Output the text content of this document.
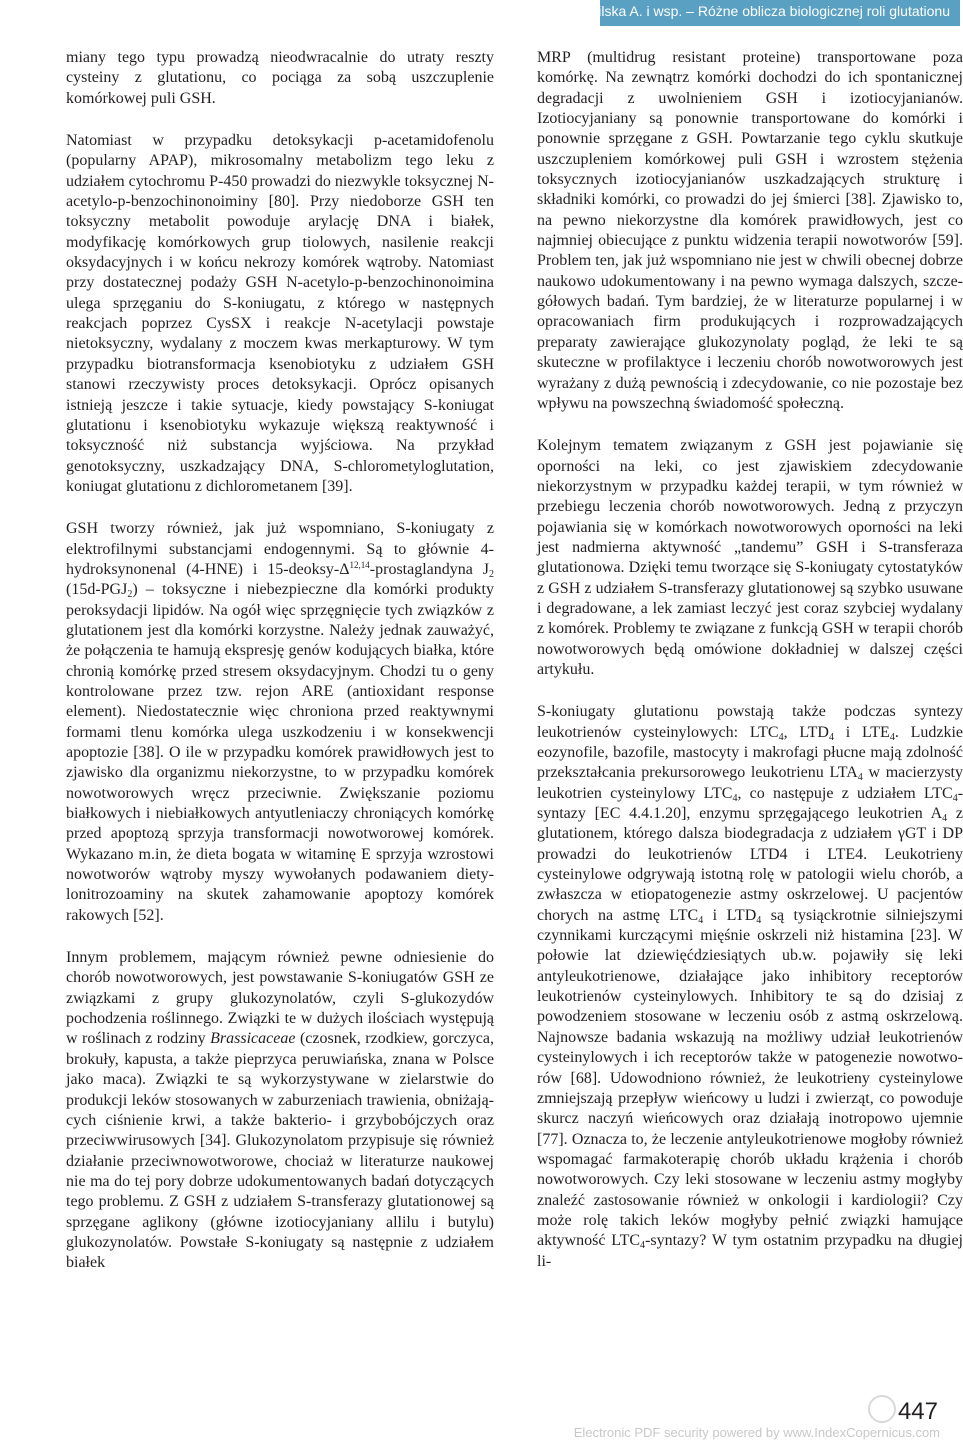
Bilska A. i wsp. – Różne oblicza biologicznej roli glutationu

miany tego typu prowadzą nieodwracalnie do utraty reszty cysteiny z glutationu, co pociąga za sobą uszczuplenie komórkowej puli GSH.

Natomiast w przypadku detoksykacji p-acetamidofenolu (popularny APAP), mikrosomalny metabolizm tego leku z udziałem cytochromu P-450 prowadzi do niezwykle toksycznej N-acetylo-p-benzochinonoiminy [80]. Przy niedoborze GSH ten toksyczny metabolit powoduje arylację DNA i białek, modyfikację komórkowych grup tiolowych, nasilenie reakcji oksydacyjnych i w końcu nekrozy komórek wątroby. Natomiast przy dostatecznej podaży GSH N-acetylo-p-benzochinonoimina ulega sprzęganiu do S-koniugatu, z którego w następnych reakcjach poprzez CysSX i reakcje N-acetylacji powstaje nietoksyczny, wydalany z moczem kwas merkapturowy. W tym przypadku biotransformacja ksenobiotyku z udziałem GSH stanowi rzeczywisty proces detoksykacji. Oprócz opisanych istnieją jeszcze i takie sytuacje, kiedy powstający S-koniugat glutationu i ksenobiotyku wykazuje większą reaktywność i toksyczność niż substancja wyjściowa. Na przykład genotoksyczny, uszkadzający DNA, S-chlorometyloglutation, koniugat glutationu z dichlorometanem [39].

GSH tworzy również, jak już wspomniano, S-koniugaty z elektrofilnymi substancjami endogennymi. Są to głównie 4-hydroksynonenal (4-HNE) i $15-deoksy-\Delta^{12,14}$-prostaglandyna $J_2$ $(15d-PGJ_2)$ – toksyczne i niebezpieczne dla komórki produkty peroksydacji lipidów. Na ogół więc sprzęgnięcie tych związków z glutationem jest dla komórki korzystne. Należy jednak zauważyć, że połączenia te hamują ekspresję genów kodujących białka, które chronią komórkę przed stresem oksydacyjnym. Chodzi tu o geny kontrolowane przez tzw. rejon ARE (antioxidant response element). Niedostatecznie więc chroniona przed reaktywnymi formami tlenu komórka ulega uszkodzeniu i w konsekwencji apoptozie [38]. O ile w przypadku komórek prawidłowych jest to zjawisko dla organizmu niekorzystne, to w przypadku komórek nowotworowych wręcz przeciwnie. Zwiększanie poziomu białkowych i niebiałkowych antyutleniaczy chroniących komórkę przed apoptozą sprzyja transformacji nowotworowej komórek. Wykazano m.in, że dieta bogata w witaminę E sprzyja wzrostowi nowotworów wątroby myszy wywołanych podawaniem dietylonitrozoaminy na skutek zahamowanie apoptozy komórek rakowych [52].

Innym problemem, mającym również pewne odniesienie do chorób nowotworowych, jest powstawanie S-koniugatów GSH ze związkami z grupy glukozynolatów, czyli S-glukozydów pochodzenia roślinnego. Związki te w dużych ilościach występują w roślinach z rodziny Brassicaceae (czosnek, rzodkiew, gorczyca, brokuły, kapusta, a także pieprzyca peruwiańska, znana w Polsce jako maca). Związki te są wykorzystywane w zielarstwie do produkcji leków stosowanych w zaburzeniach trawienia, obniżających ciśnienie krwi, a także bakterio- i grzybobójczych oraz przeciwwirusowych [34]. Glukozynolatom przypisuje się również działanie przeciwnowotworowe, chociaż w literaturze naukowej nie ma do tej pory dobrze udokumentowanych badań dotyczących tego problemu. Z GSH z udziałem S-transferazy glutationowej są sprzęgane aglikony (główne izotiocyjaniany allilu i butylu) glukozynolatów. Powstałe S-koniugaty są następnie z udziałem białek

MRP (multidrug resistant proteine) transportowane poza komórkę. Na zewnątrz komórki dochodzi do ich spontanicznej degradacji z uwolnieniem GSH i izotiocyjanianów. Izotiocyjaniany są ponownie transportowane do komórki i ponownie sprzęgane z GSH. Powtarzanie tego cyklu skutkuje uszczupleniem komórkowej puli GSH i wzrostem stężenia toksycznych izotiocyjanianów uszkadzających strukturę i składniki komórki, co prowadzi do jej śmierci [38]. Zjawisko to, na pewno niekorzystne dla komórek prawidłowych, jest co najmniej obiecujące z punktu widzenia terapii nowotworów [59]. Problem ten, jak już wspomniano nie jest w chwili obecnej dobrze naukowo udokumentowany i na pewno wymaga dalszych, szczegółowych badań. Tym bardziej, że w literaturze popularnej i w opracowaniach firm produkujących i rozprowadzających preparaty zawierające glukozynolaty pogląd, że leki te są skuteczne w profilaktyce i leczeniu chorób nowotworowych jest wyrażany z dużą pewnością i zdecydowanie, co nie pozostaje bez wpływu na powszechną świadomość społeczną.

Kolejnym tematem związanym z GSH jest pojawianie się oporności na leki, co jest zjawiskiem zdecydowanie niekorzystnym w przypadku każdej terapii, w tym również w przebiegu leczenia chorób nowotworowych. Jedną z przyczyn pojawiania się w komórkach nowotworowych oporności na leki jest nadmierna aktywność „tandemu” GSH i S-transferaza glutationowa. Dzięki temu tworzące się S-koniugaty cytostatyków z GSH z udziałem S-transferazy glutationowej są szybko usuwane i degradowane, a lek zamiast leczyć jest coraz szybciej wydalany z komórek. Problemy te związane z funkcją GSH w terapii chorób nowotworowych będą omówione dokładniej w dalszej części artykułu.

S-koniugaty glutationu powstają także podczas syntezy leukotrienów cysteinylowych: $LTC_4$, $LTD_4$ i $LTE_4$. Ludzkie eozynofile, bazofile, mastocyty i makrofagi płucne mają zdolność przekształcania prekursorowego leukotrienu $LTA_4$ w macierzysty leukotrien cysteinylowy $LTC_4$, co następuje z udziałem $LTC_4$-syntazy [EC 4.4.1.20], enzymu sprzęgającego leukotrien $A_4$ z glutationem, którego dalsza biodegradacja z udziałem γGT i DP prowadzi do leukotrienów LTD4 i LTE4. Leukotrieny cysteinylowe odgrywają istotną rolę w patologii wielu chorób, a zwłaszcza w etiopatogenezie astmy oskrzelowej. U pacjentów chorych na astmę $LTC_4$ i $LTD_4$ są tysiąckrotnie silniejszymi czynnikami kurczącymi mięśnie oskrzeli niż histamina [23]. W połowie lat dziewięćdziesiątych ub.w. pojawiły się leki antyleukotrienowe, działające jako inhibitory receptorów leukotrienów cysteinylowych. Inhibitory te są do dzisiaj z powodzeniem stosowane w leczeniu osób z astmą oskrzelową. Najnowsze badania wskazują na możliwy udział leukotrienów cysteinylowych i ich receptorów także w patogenezie nowotworów [68]. Udowodniono również, że leukotrieny cysteinylowe zmniejszają przepływ wieńcowy u ludzi i zwierząt, co powoduje skurcz naczyń wieńcowych oraz działają inotropowo ujemnie [77]. Oznacza to, że leczenie antyleukotrienowe mogłoby również wspomagać farmakoterapię chorób układu krążenia i chorób nowotworowych. Czy leki stosowane w leczeniu astmy mogłyby znaleźć zastosowanie również w onkologii i kardiologii? Czy może rolę takich leków mogłyby pełnić związki hamujące aktywność $LTC_4$-syntazy? W tym ostatnim przypadku na długiej li-

447
Electronic PDF security powered by www.IndexCopernicus.com
